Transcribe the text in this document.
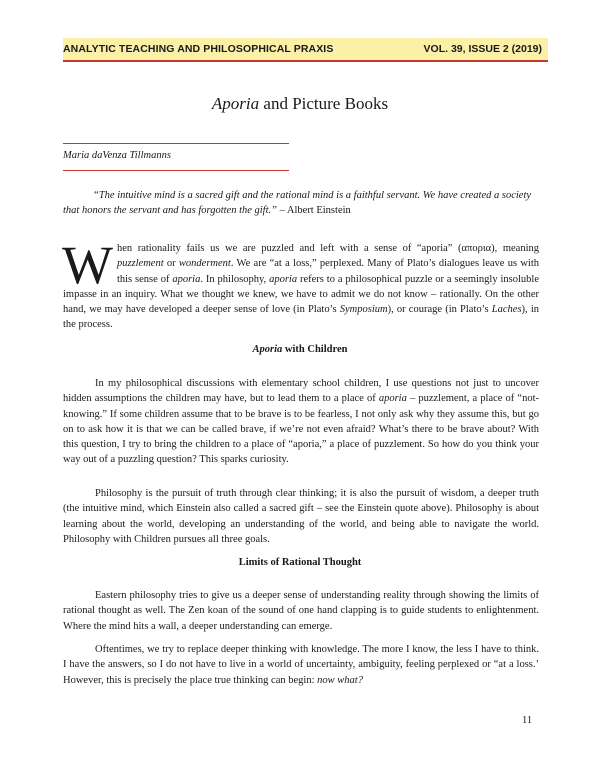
ANALYTIC TEACHING AND PHILOSOPHICAL PRAXIS	VOL. 39, ISSUE 2 (2019)
Aporia and Picture Books
Maria daVenza Tillmanns
“The intuitive mind is a sacred gift and the rational mind is a faithful servant. We have created a society that honors the servant and has forgotten the gift.” – Albert Einstein
When rationality fails us we are puzzled and left with a sense of “aporia” (απορια), meaning puzzlement or wonderment. We are “at a loss,” perplexed. Many of Plato’s dialogues leave us with this sense of aporia. In philosophy, aporia refers to a philosophical puzzle or a seemingly insoluble impasse in an inquiry. What we thought we knew, we have to admit we do not know – rationally. On the other hand, we may have developed a deeper sense of love (in Plato’s Symposium), or courage (in Plato’s Laches), in the process.
Aporia with Children
In my philosophical discussions with elementary school children, I use questions not just to uncover hidden assumptions the children may have, but to lead them to a place of aporia – puzzlement, a place of “not-knowing.” If some children assume that to be brave is to be fearless, I not only ask why they assume this, but go on to ask how it is that we can be called brave, if we’re not even afraid? What’s there to be brave about? With this question, I try to bring the children to a place of “aporia,” a place of puzzlement. So how do you think your way out of a puzzling question? This sparks curiosity.
Philosophy is the pursuit of truth through clear thinking; it is also the pursuit of wisdom, a deeper truth (the intuitive mind, which Einstein also called a sacred gift – see the Einstein quote above). Philosophy is about learning about the world, developing an understanding of the world, and being able to navigate the world. Philosophy with Children pursues all three goals.
Limits of Rational Thought
Eastern philosophy tries to give us a deeper sense of understanding reality through showing the limits of rational thought as well. The Zen koan of the sound of one hand clapping is to guide students to enlightenment. Where the mind hits a wall, a deeper understanding can emerge.
Oftentimes, we try to replace deeper thinking with knowledge. The more I know, the less I have to think. I have the answers, so I do not have to live in a world of uncertainty, ambiguity, feeling perplexed or “at a loss.’ However, this is precisely the place true thinking can begin: now what?
11
